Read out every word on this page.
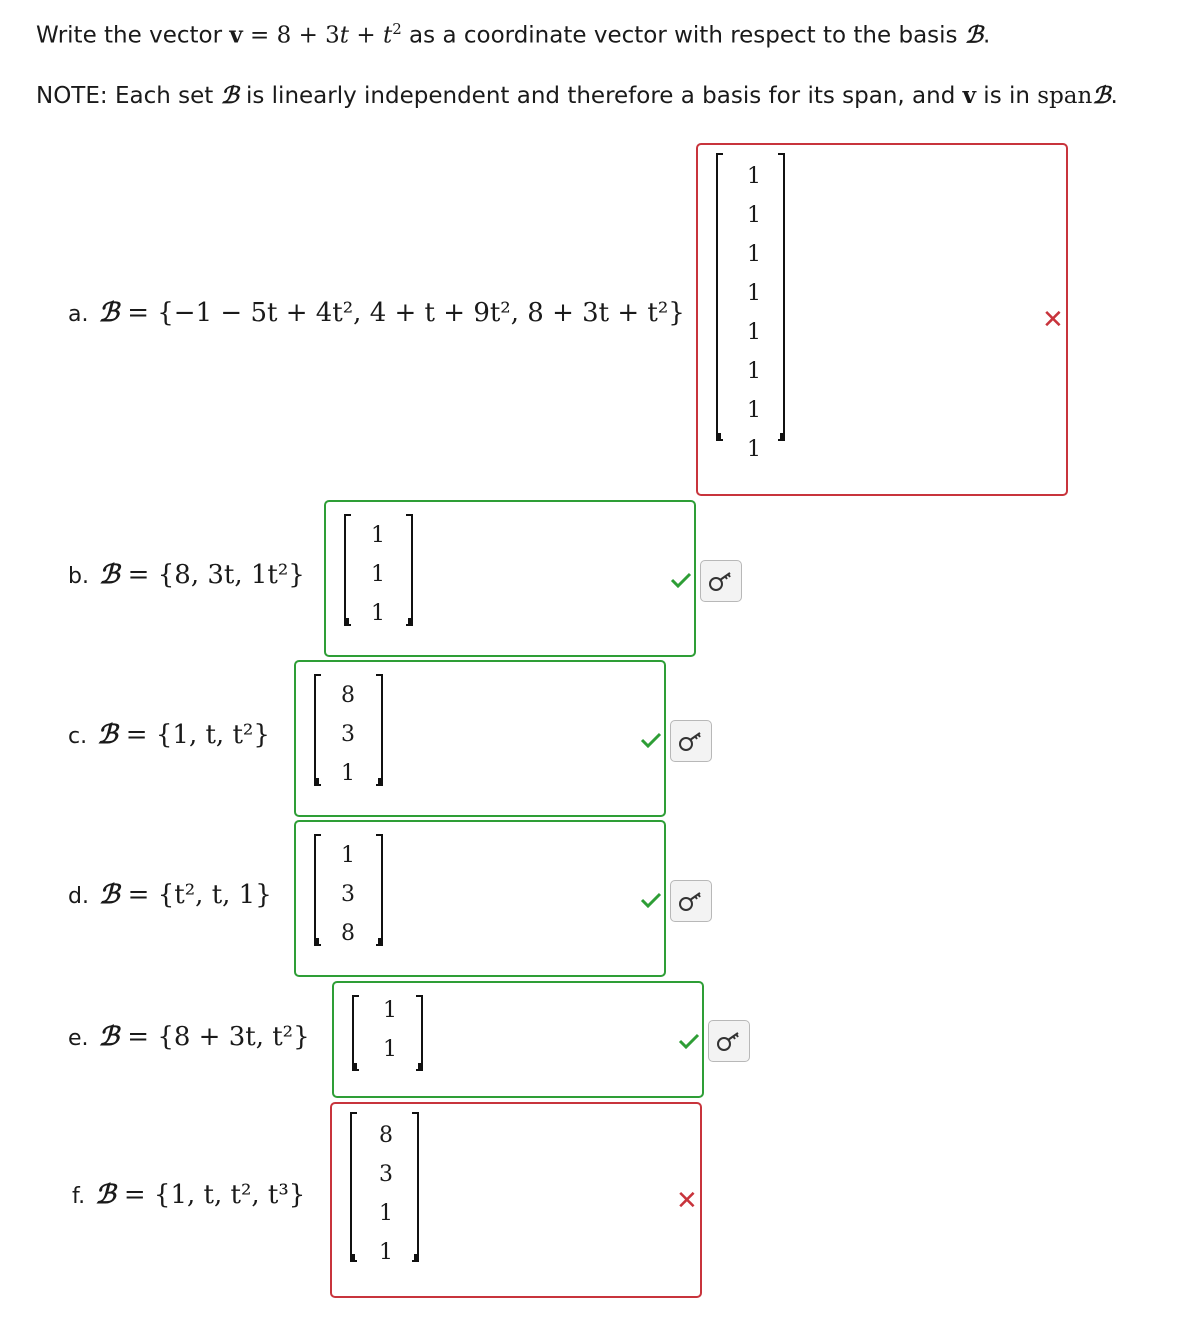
Write the vector $v = 8 + 3t + t^2$ as a coordinate vector with respect to the basis ℬ.
NOTE: Each set ℬ is linearly independent and therefore a basis for its span, and v is in spanℬ.
a. ℬ = {−1 − 5t + 4t², 4 + t + 9t², 8 + 3t + t²}
1
1
1
1
1
1
1
1
✕
b. ℬ = {8, 3t, 1t²}
1
1
1
c. ℬ = {1, t, t²}
8
3
1
d. ℬ = {t², t, 1}
1
3
8
e. ℬ = {8 + 3t, t²}
1
1
f. ℬ = {1, t, t², t³}
8
3
1
1
✕
